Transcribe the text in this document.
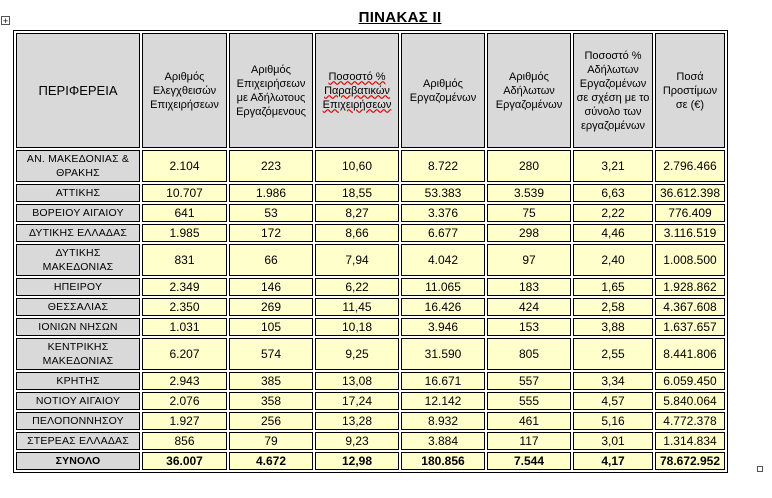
+	ΠΙΝΑΚΑΣ ΙΙ
ΠΕΡΙΦΕΡΕΙΑ	Αριθμός Ελεγχθεισών Επιχειρήσεων	Αριθμός Επιχειρήσεων με Αδήλωτους Εργαζόμενους	Ποσοστό % Παραβατικών Επιχειρήσεων	Αριθμός Εργαζομένων	Αριθμός Αδήλωτων Εργαζομένων	Ποσοστό % Αδήλωτων Εργαζομένων σε σχέση με το σύνολο των εργαζομένων	Ποσά Προστίμων σε (€)
ΑΝ. ΜΑΚΕΔΟΝΙΑΣ & ΘΡΑΚΗΣ	2.104	223	10,60	8.722	280	3,21	2.796.466
ΑΤΤΙΚΗΣ	10.707	1.986	18,55	53.383	3.539	6,63	36.612.398
ΒΟΡΕΙΟΥ ΑΙΓΑΙΟΥ	641	53	8,27	3.376	75	2,22	776.409
ΔΥΤΙΚΗΣ ΕΛΛΑΔΑΣ	1.985	172	8,66	6.677	298	4,46	3.116.519
ΔΥΤΙΚΗΣ ΜΑΚΕΔΟΝΙΑΣ	831	66	7,94	4.042	97	2,40	1.008.500
ΗΠΕΙΡΟΥ	2.349	146	6,22	11.065	183	1,65	1.928.862
ΘΕΣΣΑΛΙΑΣ	2.350	269	11,45	16.426	424	2,58	4.367.608
ΙΟΝΙΩΝ ΝΗΣΩΝ	1.031	105	10,18	3.946	153	3,88	1.637.657
ΚΕΝΤΡΙΚΗΣ ΜΑΚΕΔΟΝΙΑΣ	6.207	574	9,25	31.590	805	2,55	8.441.806
ΚΡΗΤΗΣ	2.943	385	13,08	16.671	557	3,34	6.059.450
ΝΟΤΙΟΥ ΑΙΓΑΙΟΥ	2.076	358	17,24	12.142	555	4,57	5.840.064
ΠΕΛΟΠΟΝΝΗΣΟΥ	1.927	256	13,28	8.932	461	5,16	4.772.378
ΣΤΕΡΕΑΣ ΕΛΛΑΔΑΣ	856	79	9,23	3.884	117	3,01	1.314.834
ΣΥΝΟΛΟ	36.007	4.672	12,98	180.856	7.544	4,17	78.672.952
